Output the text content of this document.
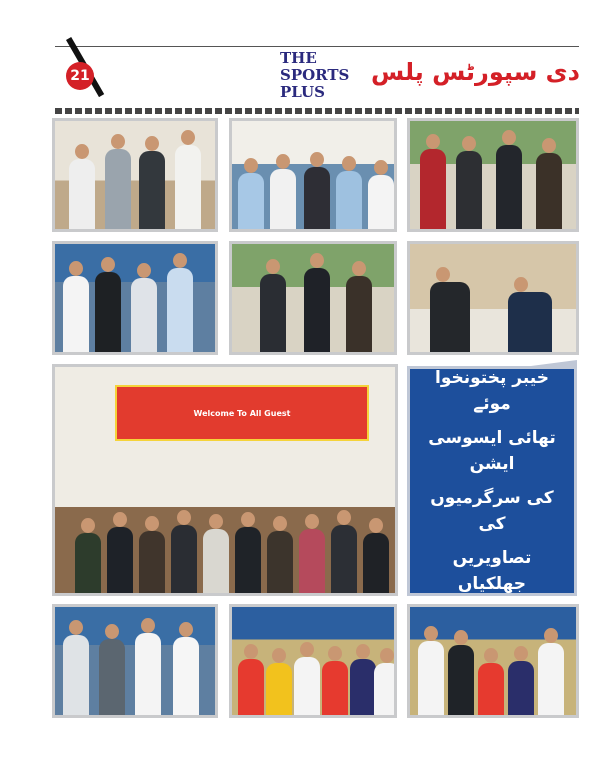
21
THE
SPORTS
PLUS
دی سپورٹس پلس
Welcome To All Guest
خیبر پختونخوا موئے
تھائی ایسوسی ایشن
کی سرگرمیوں کی
تصاویریں جھلکیاں
